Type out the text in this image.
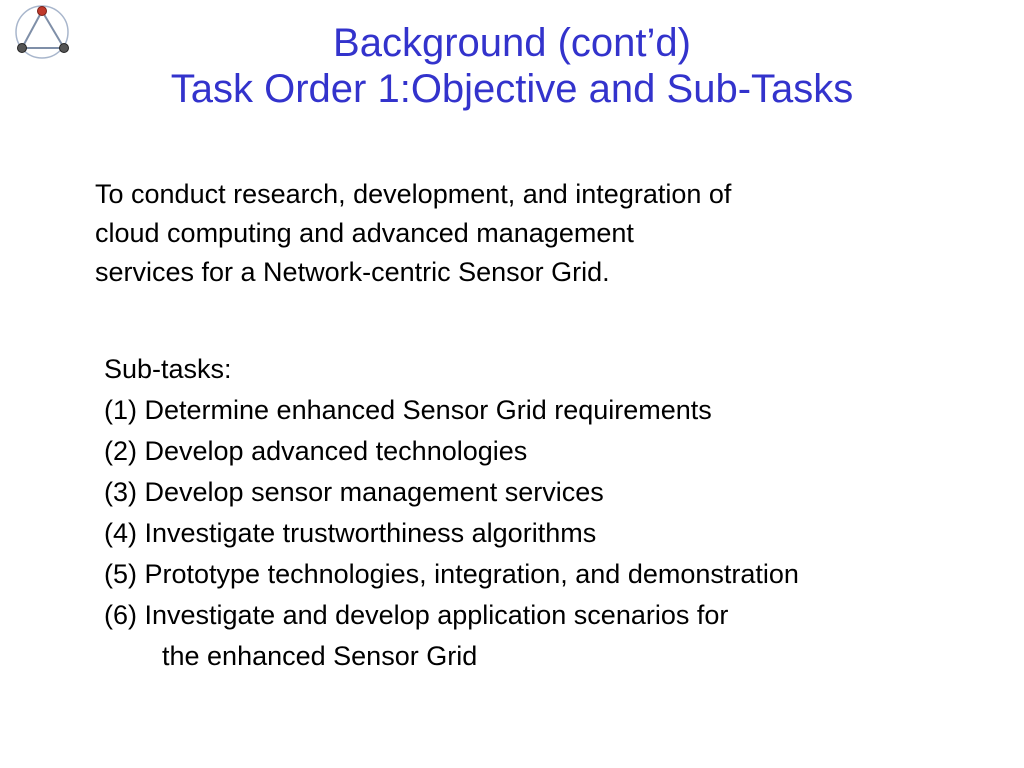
Background (cont’d)
Task Order 1:Objective and Sub-Tasks
To conduct research, development, and integration of
cloud computing and advanced management
services for a Network-centric Sensor Grid.
Sub-tasks:
(1) Determine enhanced Sensor Grid requirements
(2) Develop advanced technologies
(3) Develop sensor management services
(4) Investigate trustworthiness algorithms
(5) Prototype technologies, integration, and demonstration
(6) Investigate and develop application scenarios for
the enhanced Sensor Grid
